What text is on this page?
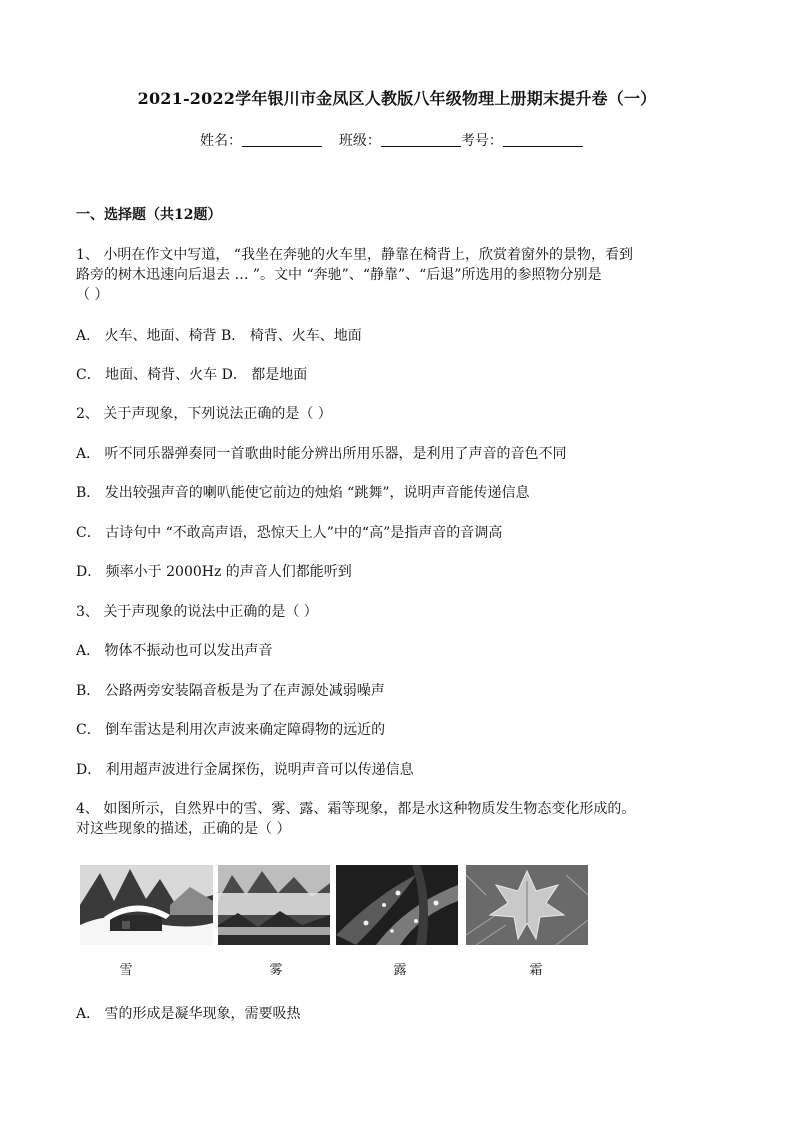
2021-2022学年银川市金凤区人教版八年级物理上册期末提升卷（一）
姓名：	班级：	考号：
一、选择题（共12题）
1、 小明在作文中写道， “我坐在奔驰的火车里，静靠在椅背上，欣赏着窗外的景物，看到
路旁的树木迅速向后退去 … ”。文中 “奔驰”、“静靠”、“后退”所选用的参照物分别是
（ ）
A． 火车、地面、椅背 B． 椅背、火车、地面
C． 地面、椅背、火车 D． 都是地面
2、 关于声现象，下列说法正确的是（ ）
A． 听不同乐器弹奏同一首歌曲时能分辨出所用乐器，是利用了声音的音色不同
B． 发出较强声音的喇叭能使它前边的烛焰 “跳舞”，说明声音能传递信息
C． 古诗句中 “不敢高声语，恐惊天上人”中的“高”是指声音的音调高
D． 频率小于 2000Hz 的声音人们都能听到
3、 关于声现象的说法中正确的是（ ）
A． 物体不振动也可以发出声音
B． 公路两旁安装隔音板是为了在声源处减弱噪声
C． 倒车雷达是利用次声波来确定障碍物的远近的
D． 利用超声波进行金属探伤，说明声音可以传递信息
4、 如图所示，自然界中的雪、雾、露、霜等现象，都是水这种物质发生物态变化形成的。
对这些现象的描述，正确的是（ ）
雪	雾	露	霜
A． 雪的形成是凝华现象，需要吸热
